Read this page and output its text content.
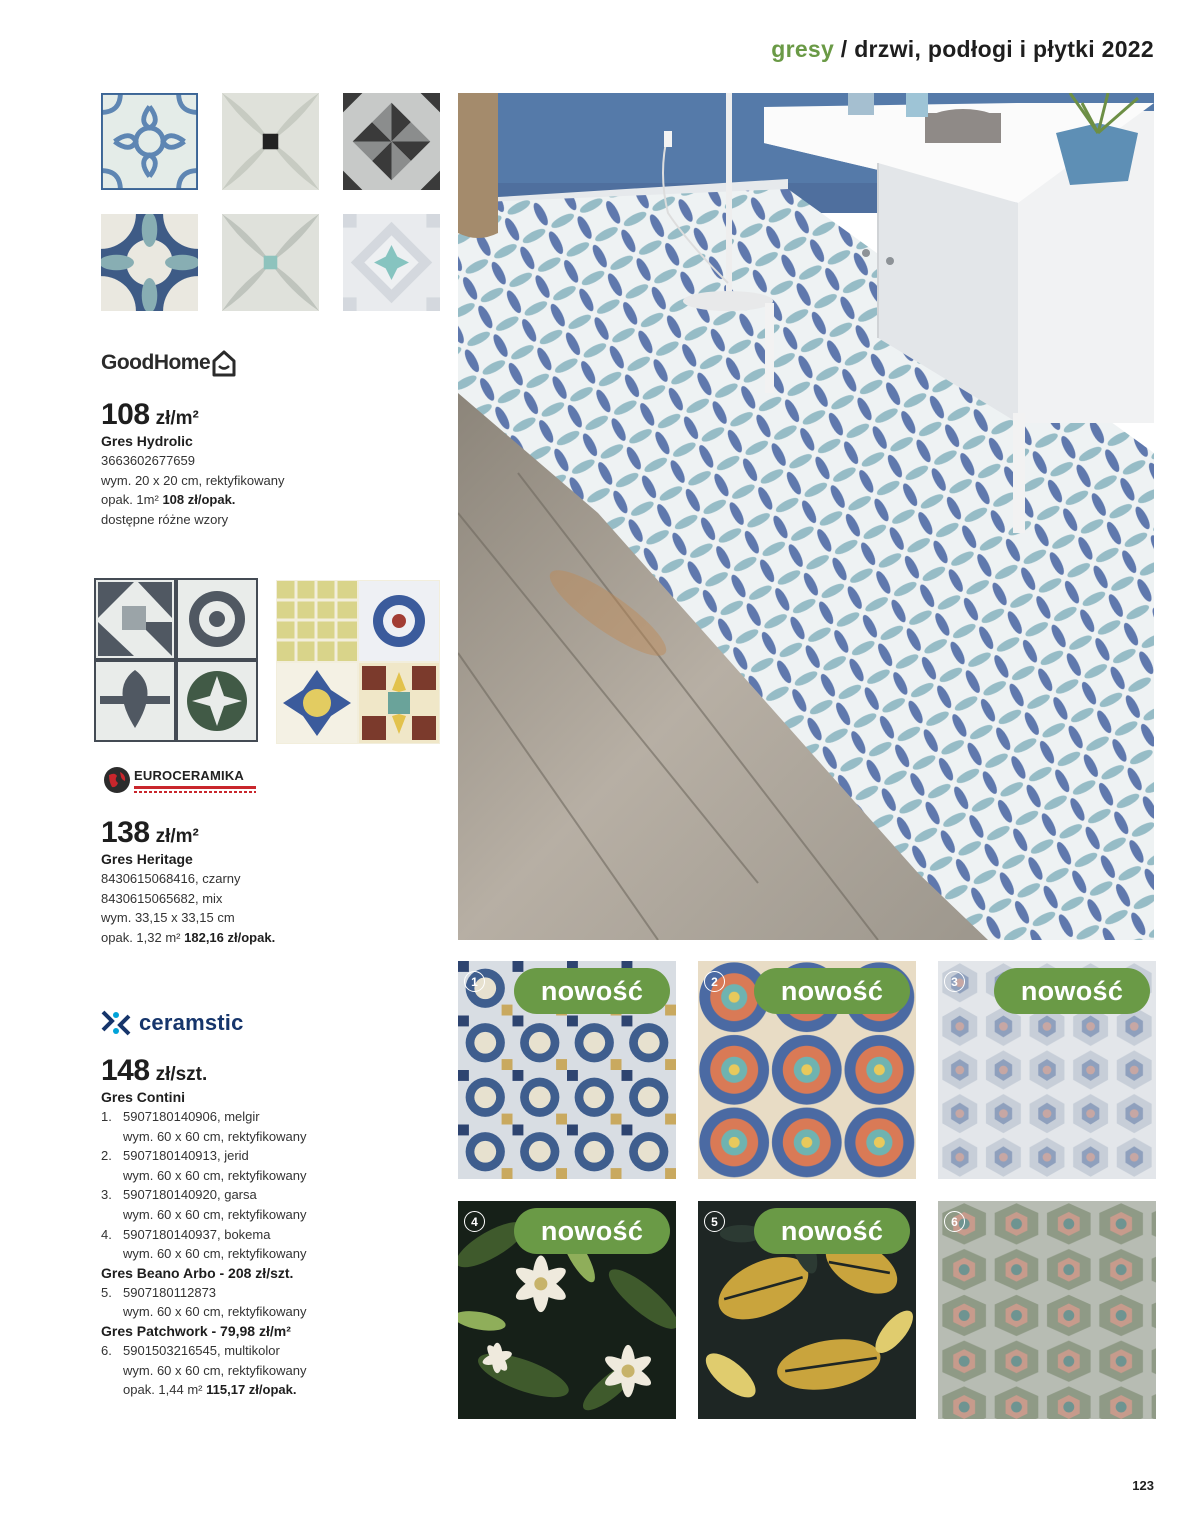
gresy / drzwi, podłogi i płytki 2022
GoodHome
108 zł/m²
Gres Hydrolic
3663602677659
wym. 20 x 20 cm, rektyfikowany
opak. 1m² 108 zł/opak.
dostępne różne wzory
EUROCERAMIKA
138 zł/m²
Gres Heritage
8430615068416, czarny
8430615065682, mix
wym. 33,15 x 33,15 cm
opak. 1,32 m² 182,16 zł/opak.
ceramstic
148 zł/szt.
Gres Contini
1. 5907180140906, melgir
wym. 60 x 60 cm, rektyfikowany
2. 5907180140913, jerid
wym. 60 x 60 cm, rektyfikowany
3. 5907180140920, garsa
wym. 60 x 60 cm, rektyfikowany
4. 5907180140937, bokema
wym. 60 x 60 cm, rektyfikowany
Gres Beano Arbo - 208 zł/szt.
5. 5907180112873
wym. 60 x 60 cm, rektyfikowany
Gres Patchwork - 79,98 zł/m²
6. 5901503216545, multikolor
wym. 60 x 60 cm, rektyfikowany
opak. 1,44 m² 115,17 zł/opak.
1	nowość	2	nowość	3	nowość
4	nowość	5	nowość	6
123
